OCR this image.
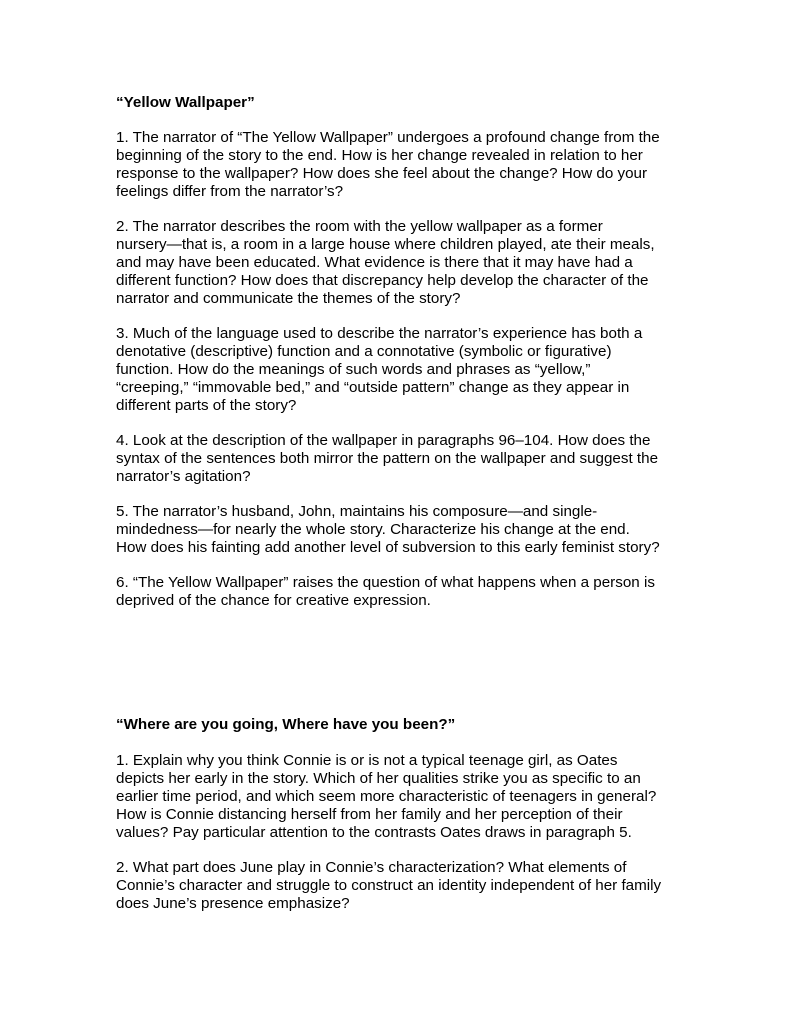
“Yellow Wallpaper”

1. The narrator of “The Yellow Wallpaper” undergoes a profound change from the
beginning of the story to the end. How is her change revealed in relation to her
response to the wallpaper? How does she feel about the change? How do your
feelings differ from the narrator’s?

2. The narrator describes the room with the yellow wallpaper as a former
nursery—that is, a room in a large house where children played, ate their meals,
and may have been educated. What evidence is there that it may have had a
different function? How does that discrepancy help develop the character of the
narrator and communicate the themes of the story?

3. Much of the language used to describe the narrator’s experience has both a
denotative (descriptive) function and a connotative (symbolic or figurative)
function. How do the meanings of such words and phrases as “yellow,”
“creeping,” “immovable bed,” and “outside pattern” change as they appear in
different parts of the story?

4. Look at the description of the wallpaper in paragraphs 96–104. How does the
syntax of the sentences both mirror the pattern on the wallpaper and suggest the
narrator’s agitation?

5. The narrator’s husband, John, maintains his composure—and single-
mindedness—for nearly the whole story. Characterize his change at the end.
How does his fainting add another level of subversion to this early feminist story?

6. “The Yellow Wallpaper” raises the question of what happens when a person is
deprived of the chance for creative expression.

“Where are you going, Where have you been?”

1. Explain why you think Connie is or is not a typical teenage girl, as Oates
depicts her early in the story. Which of her qualities strike you as specific to an
earlier time period, and which seem more characteristic of teenagers in general?
How is Connie distancing herself from her family and her perception of their
values? Pay particular attention to the contrasts Oates draws in paragraph 5.

2. What part does June play in Connie’s characterization? What elements of
Connie’s character and struggle to construct an identity independent of her family
does June’s presence emphasize?
